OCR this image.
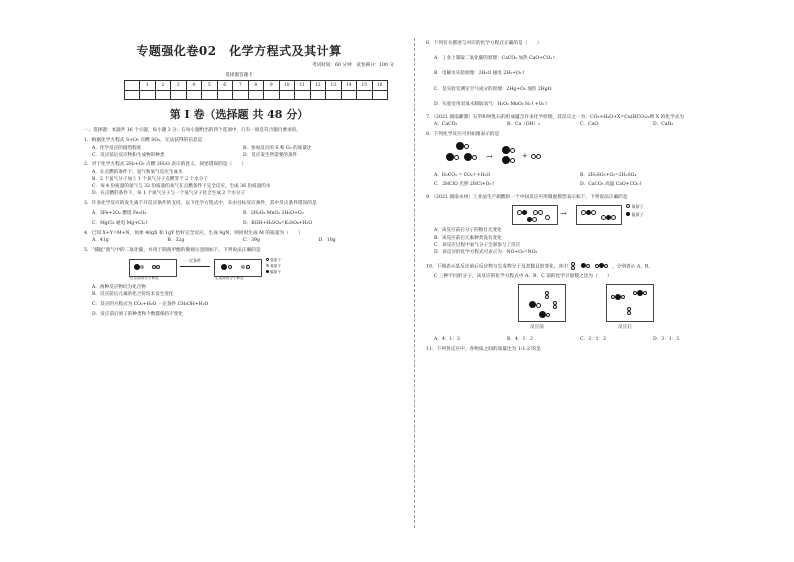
专题强化卷02　化学方程式及其计算
考试时间：60 分钟　试卷满分：100 分
选择题答题卡
	1	2	3	4	5	6	7	8	9	10	11	12	13	14	15	16

第 I 卷（选择题 共 48 分）
一、选择题：本题共 16 个小题，每小题 3 分。在每小题给出的四个选项中，只有一项是符合题目要求的。
1．根据化学方程式 S+O₂ 点燃 SO₂，无法获得的信息是
A．化学反应的剧烈程度	B．参加反应的 S 和 O₂ 的质量比
C．反应前后反应物和生成物的种类	D．反应发生所需要的条件
2．对于化学方程式 2H₂+O₂ 点燃 2H₂O 表示的意义，叙述错误的是（　　）
A．在点燃的条件下，氢气和氧气反应生成水
B．2 个氢气分子加上 1 个氧气分子点燃等于 2 个水分子
C．每 4 份质量的氢气与 32 份质量的氧气在点燃条件下完全反应，生成 36 份质量的水
D．在点燃的条件下，每 1 个氧气分子与一个氢气分子化合生成 2 个水分子
3．许多化学反应的发生离不开反应条件的支持，以下化学方程式中，未由目标反应条件，其中反应条件错误的是
A．3Fe+2O₂ 燃烧 Fe₃O₄	B．2H₂O₂ MnO₂ 2H₂O+O₂
C．MgCl₂ 通电 Mg+Cl₂↑	D．KOH+H₂SO₄=K₂SO₄+H₂O
4．已知 X+Y=M+N，如果 40gX 和 1gY 恰好完全反应，生成 9gN，则同时生成 M 的质量为（　　）
A．41g	B．32g	C．39g	D．10g
5．“捕捉”废气中的二氧化碳，并用于制备甲醇的微观示意图如下，下列说法正确的是
一定条件
反应前的分子种类	生成物的分子种类
氢原子
氧原子
碳原子
A．两种反应物均为化合物
B．反应前后元素的化合价均未发生变化
C．反应的方程式为 CO₂+H₂O 一定条件 CH₃OH+H₂O
D．反应前后原子的种类和个数都保持不变化
6．下列有关描述与对应的化学方程式正确的是（　　）
A．工业上制取二氧化碳的原理：CaCO₃ 加热 CaO+CO₂↑
B．电解水实验原理：2H₂O 通电 2H₂+O₂↑
C．是实验室测定空气成分的原理：2Hg+O₂ 加热 2HgO
D．实验室用双氧水制取氧气：H₂O₂ MnO₂ H₂↑+O₂↑
7．（2021 湖南湘潭）石笋和钟乳石的形成蕴含许多化学原理，其反应之一为：CO₂+H₂O+X=Ca(HCO₃)₂则 X 的化学式为
A．CaCO₃	B．Ca（OH）₂	C．CaO	D．CaH₂
8．下列化学反应可用如图表示的是
→	+
A．H₂CO₃ = CO₂↑+H₂O	B．2H₂SO₃+O₂=2H₂SO₄
C．2HClO 光照 2HCl+O₂↑	D．CaCO₃ 高温 CaO+CO₂↑
9．（2021 湖南永州）工业法生产硝酸的一个中间反应可用微观模型表示如下，下列说法正确的是
→
氧原子
氮原子
A．该反应前后分子的数目无变化
B．该反应前后元素种类没有变化
C．该反应过程中氧气分子全部参与了反应
D．该反应的化学方程式可表示为：NO+O₂=NO₂
10．下图表示某反应前后反应物与生成物分子及其数目的变化，其中

	，分别表示 A、B、
C 三种不同的分子，该反应的化学方程式中 A、B、C 前的化学计量数之比为（　　）
反应前	反应后
A．4：1：3	B．4：1：2	C．3：1：2	D．3：1：3
11．下列各反应中，各物质之间的质量比为 1:1:2 的是
